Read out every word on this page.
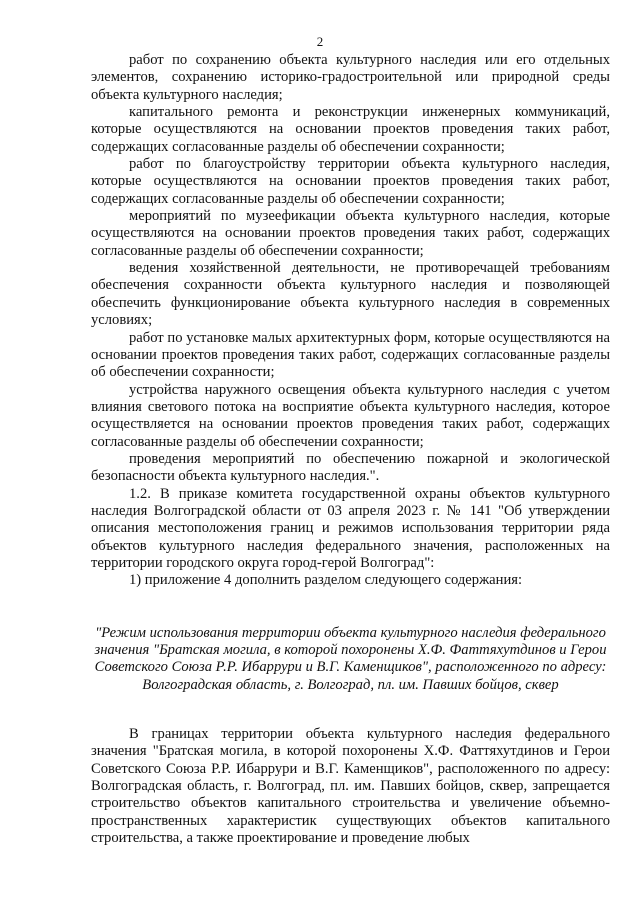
2

работ по сохранению объекта культурного наследия или его отдельных элементов, сохранению историко-градостроительной или природной среды объекта культурного наследия;

капитального ремонта и реконструкции инженерных коммуникаций, которые осуществляются на основании проектов проведения таких работ, содержащих согласованные разделы об обеспечении сохранности;

работ по благоустройству территории объекта культурного наследия, которые осуществляются на основании проектов проведения таких работ, содержащих согласованные разделы об обеспечении сохранности;

мероприятий по музеефикации объекта культурного наследия, которые осуществляются на основании проектов проведения таких работ, содержащих согласованные разделы об обеспечении сохранности;

ведения хозяйственной деятельности, не противоречащей требованиям обеспечения сохранности объекта культурного наследия и позволяющей обеспечить функционирование объекта культурного наследия в современных условиях;

работ по установке малых архитектурных форм, которые осуществляются на основании проектов проведения таких работ, содержащих согласованные разделы об обеспечении сохранности;

устройства наружного освещения объекта культурного наследия с учетом влияния светового потока на восприятие объекта культурного наследия, которое осуществляется на основании проектов проведения таких работ, содержащих согласованные разделы об обеспечении сохранности;

проведения мероприятий по обеспечению пожарной и экологической безопасности объекта культурного наследия.".

1.2. В приказе комитета государственной охраны объектов культурного наследия Волгоградской области от 03 апреля 2023 г. № 141 "Об утверждении описания местоположения границ и режимов использования территории ряда объектов культурного наследия федерального значения, расположенных на территории городского округа город-герой Волгоград":

1) приложение 4 дополнить разделом следующего содержания:

"Режим использования территории объекта культурного наследия федерального значения "Братская могила, в которой похоронены Х.Ф. Фаттяхутдинов и Герои Советского Союза Р.Р. Ибаррури и В.Г. Каменщиков", расположенного по адресу: Волгоградская область, г. Волгоград, пл. им. Павших бойцов, сквер

В границах территории объекта культурного наследия федерального значения "Братская могила, в которой похоронены Х.Ф. Фаттяхутдинов и Герои Советского Союза Р.Р. Ибаррури и В.Г. Каменщиков", расположенного по адресу: Волгоградская область, г. Волгоград, пл. им. Павших бойцов, сквер, запрещается строительство объектов капитального строительства и увеличение объемно-пространственных характеристик существующих объектов капитального строительства, а также проектирование и проведение любых
